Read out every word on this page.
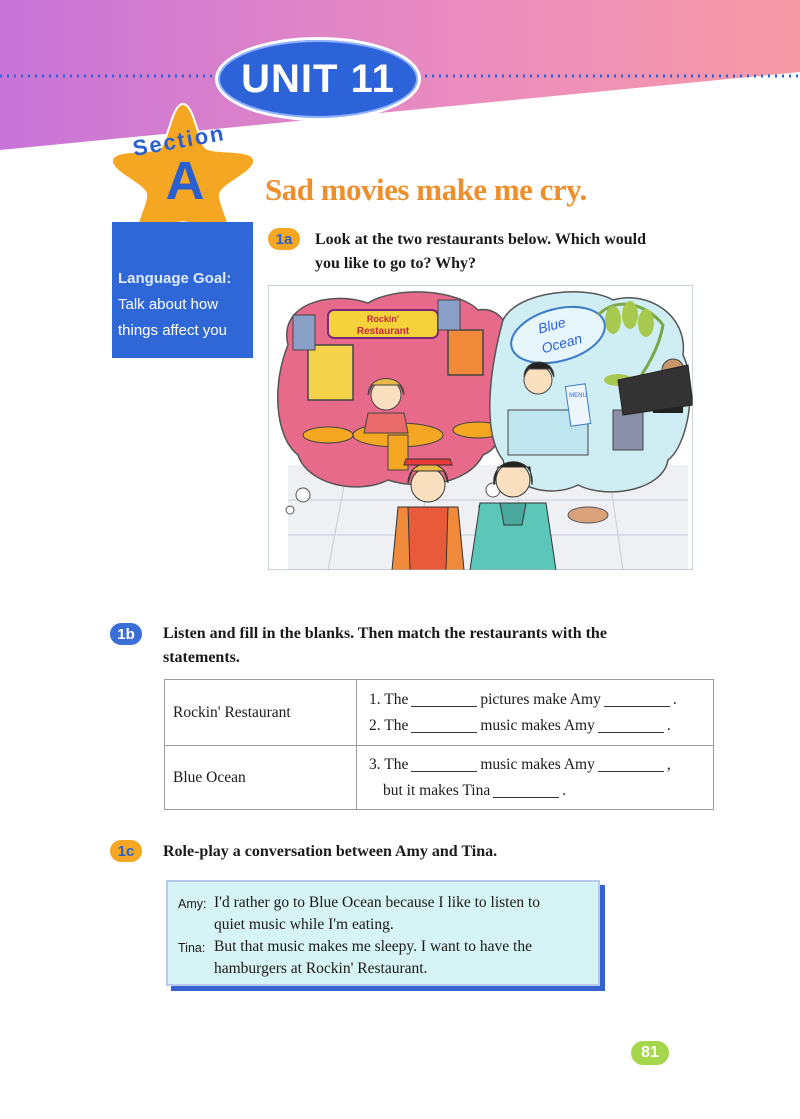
UNIT 11
Section
A
Language Goal:
Talk about how
things affect you
Sad movies make me cry.
1a	Look at the two restaurants below. Which would
you like to go to? Why?
Rockin'
Restaurant	Blue
Ocean
MENU
1b	Listen and fill in the blanks. Then match the restaurants with the
statements.
Rockin' Restaurant	1. The pictures make Amy .
2. The music makes Amy .

Blue Ocean	3. The music makes Amy ,
but it makes Tina .
1c	Role-play a conversation between Amy and Tina.
Amy: I'd rather go to Blue Ocean because I like to listen to
quiet music while I'm eating.
Tina: But that music makes me sleepy. I want to have the
hamburgers at Rockin' Restaurant.
81
